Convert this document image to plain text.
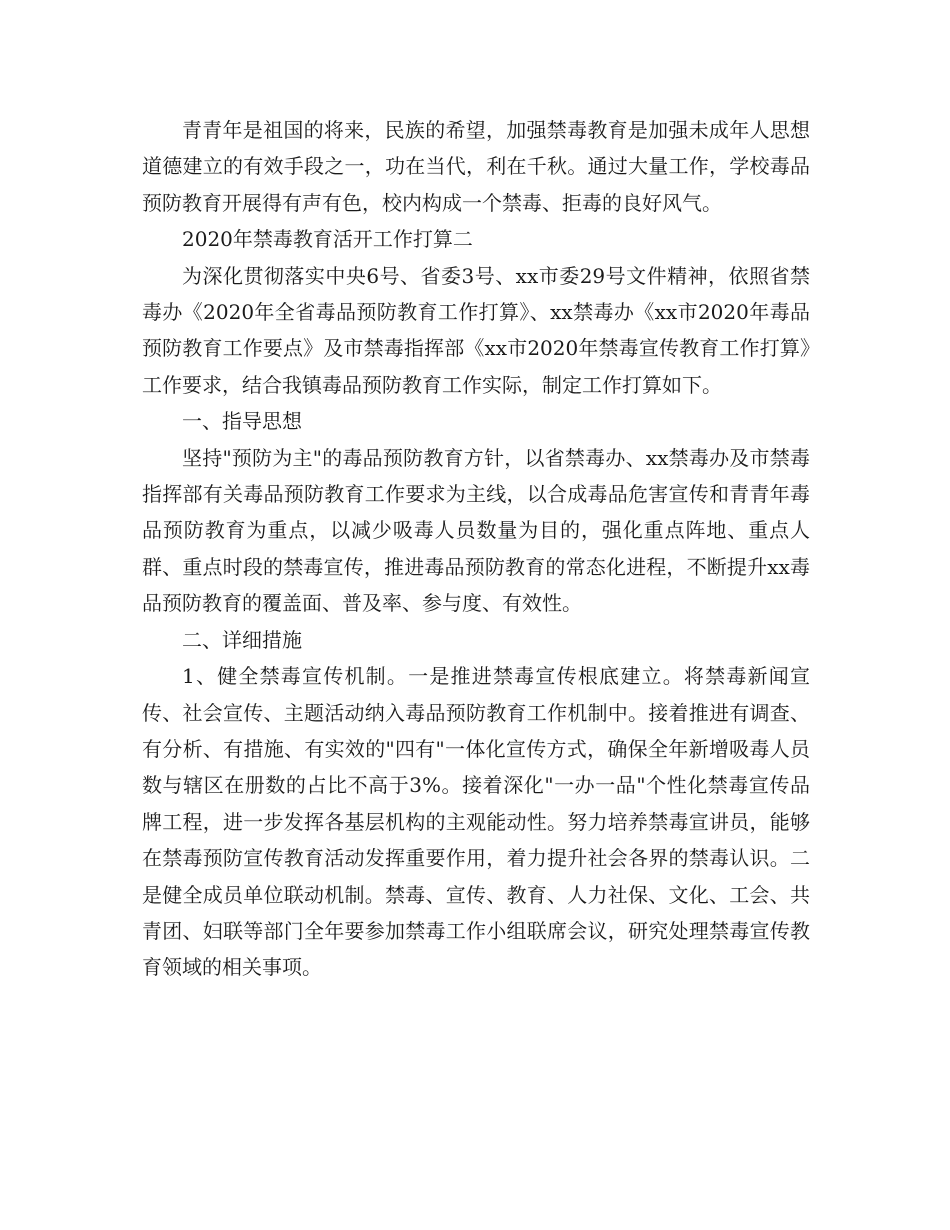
青青年是祖国的将来，民族的希望，加强禁毒教育是加强未成年人思想道德建立的有效手段之一，功在当代，利在千秋。通过大量工作，学校毒品预防教育开展得有声有色，校内构成一个禁毒、拒毒的良好风气。

2020年禁毒教育活开工作打算二

为深化贯彻落实中央6号、省委3号、xx市委29号文件精神，依照省禁毒办《2020年全省毒品预防教育工作打算》、xx禁毒办《xx市2020年毒品预防教育工作要点》及市禁毒指挥部《xx市2020年禁毒宣传教育工作打算》工作要求，结合我镇毒品预防教育工作实际，制定工作打算如下。

一、指导思想

坚持"预防为主"的毒品预防教育方针，以省禁毒办、xx禁毒办及市禁毒指挥部有关毒品预防教育工作要求为主线，以合成毒品危害宣传和青青年毒品预防教育为重点，以减少吸毒人员数量为目的，强化重点阵地、重点人群、重点时段的禁毒宣传，推进毒品预防教育的常态化进程，不断提升xx毒品预防教育的覆盖面、普及率、参与度、有效性。

二、详细措施

1、健全禁毒宣传机制。一是推进禁毒宣传根底建立。将禁毒新闻宣传、社会宣传、主题活动纳入毒品预防教育工作机制中。接着推进有调查、有分析、有措施、有实效的"四有"一体化宣传方式，确保全年新增吸毒人员数与辖区在册数的占比不高于3%。接着深化"一办一品"个性化禁毒宣传品牌工程，进一步发挥各基层机构的主观能动性。努力培养禁毒宣讲员，能够在禁毒预防宣传教育活动发挥重要作用，着力提升社会各界的禁毒认识。二是健全成员单位联动机制。禁毒、宣传、教育、人力社保、文化、工会、共青团、妇联等部门全年要参加禁毒工作小组联席会议，研究处理禁毒宣传教育领域的相关事项。
